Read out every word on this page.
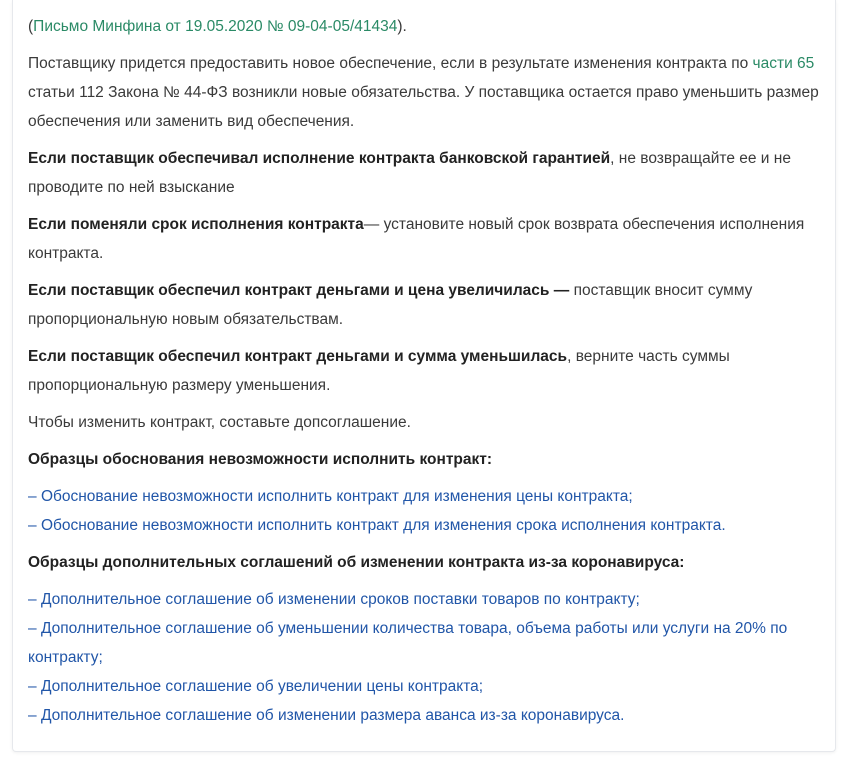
(Письмо Минфина от 19.05.2020 № 09-04-05/41434).

Поставщику придется предоставить новое обеспечение, если в результате изменения контракта по части 65 статьи 112 Закона № 44-ФЗ возникли новые обязательства. У поставщика остается право уменьшить размер обеспечения или заменить вид обеспечения.

Если поставщик обеспечивал исполнение контракта банковской гарантией, не возвращайте ее и не проводите по ней взыскание

Если поменяли срок исполнения контракта— установите новый срок возврата обеспечения исполнения контракта.

Если поставщик обеспечил контракт деньгами и цена увеличилась — поставщик вносит сумму пропорциональную новым обязательствам.

Если поставщик обеспечил контракт деньгами и сумма уменьшилась, верните часть суммы пропорциональную размеру уменьшения.

Чтобы изменить контракт, составьте допсоглашение.

Образцы обоснования невозможности исполнить контракт:

– Обоснование невозможности исполнить контракт для изменения цены контракта;
– Обоснование невозможности исполнить контракт для изменения срока исполнения контракта.

Образцы дополнительных соглашений об изменении контракта из-за коронавируса:

– Дополнительное соглашение об изменении сроков поставки товаров по контракту;
– Дополнительное соглашение об уменьшении количества товара, объема работы или услуги на 20% по контракту;
– Дополнительное соглашение об увеличении цены контракта;
– Дополнительное соглашение об изменении размера аванса из-за коронавируса.
